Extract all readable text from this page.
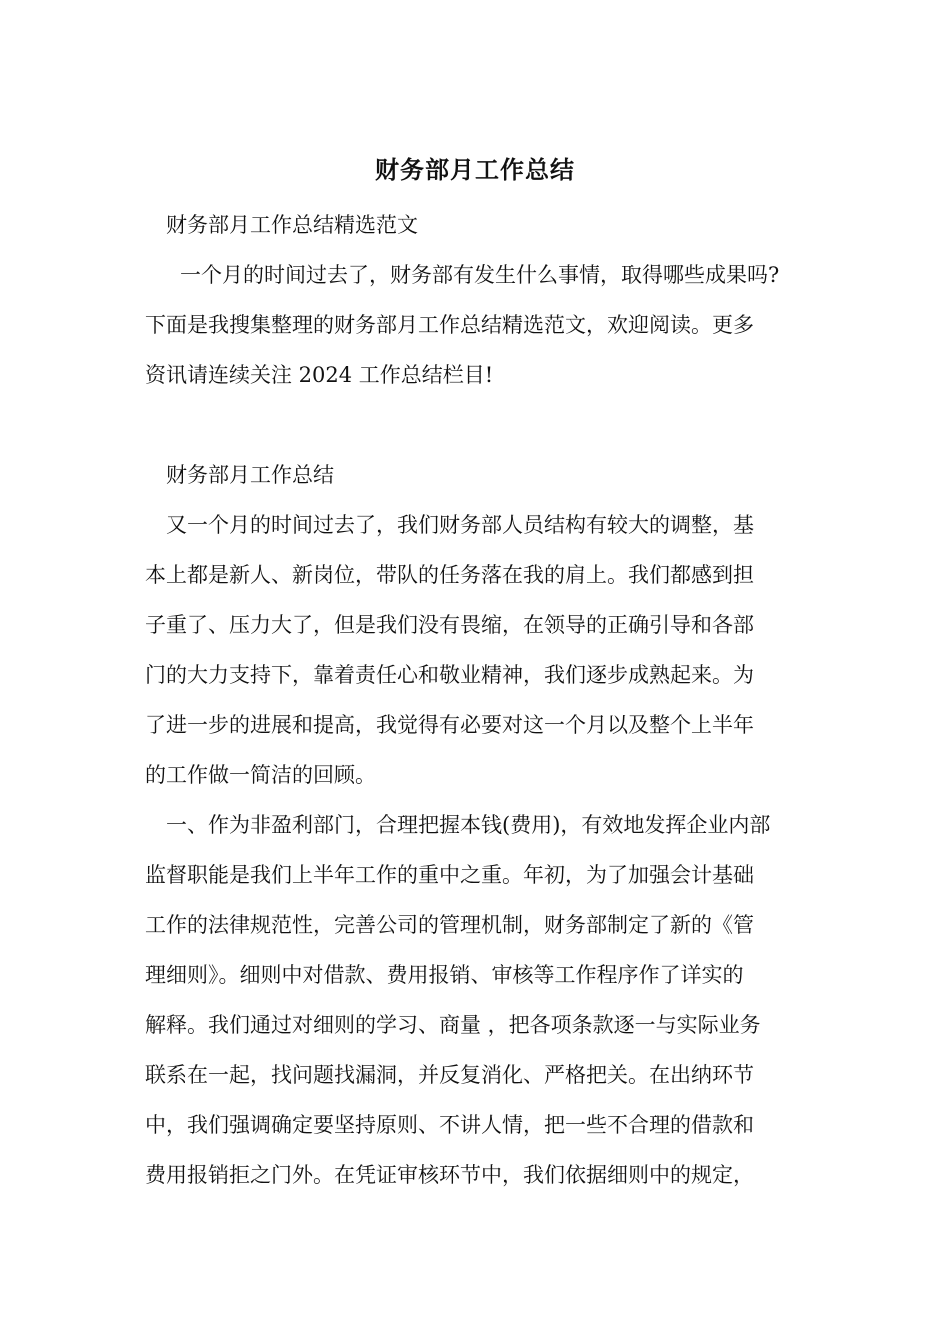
财务部月工作总结
财务部月工作总结精选范文
一个月的时间过去了，财务部有发生什么事情，取得哪些成果吗?
下面是我搜集整理的财务部月工作总结精选范文，欢迎阅读。更多
资讯请连续关注 2024 工作总结栏目!
财务部月工作总结
又一个月的时间过去了，我们财务部人员结构有较大的调整，基
本上都是新人、新岗位，带队的任务落在我的肩上。我们都感到担
子重了、压力大了，但是我们没有畏缩，在领导的正确引导和各部
门的大力支持下，靠着责任心和敬业精神，我们逐步成熟起来。为
了进一步的进展和提高，我觉得有必要对这一个月以及整个上半年
的工作做一简洁的回顾。
一、作为非盈利部门，合理把握本钱(费用)，有效地发挥企业内部
监督职能是我们上半年工作的重中之重。年初，为了加强会计基础
工作的法律规范性，完善公司的管理机制，财务部制定了新的《管
理细则》。细则中对借款、费用报销、审核等工作程序作了详实的
解释。我们通过对细则的学习、商量 ，把各项条款逐一与实际业务
联系在一起，找问题找漏洞，并反复消化、严格把关。在出纳环节
中，我们强调确定要坚持原则、不讲人情，把一些不合理的借款和
费用报销拒之门外。在凭证审核环节中，我们依据细则中的规定，
